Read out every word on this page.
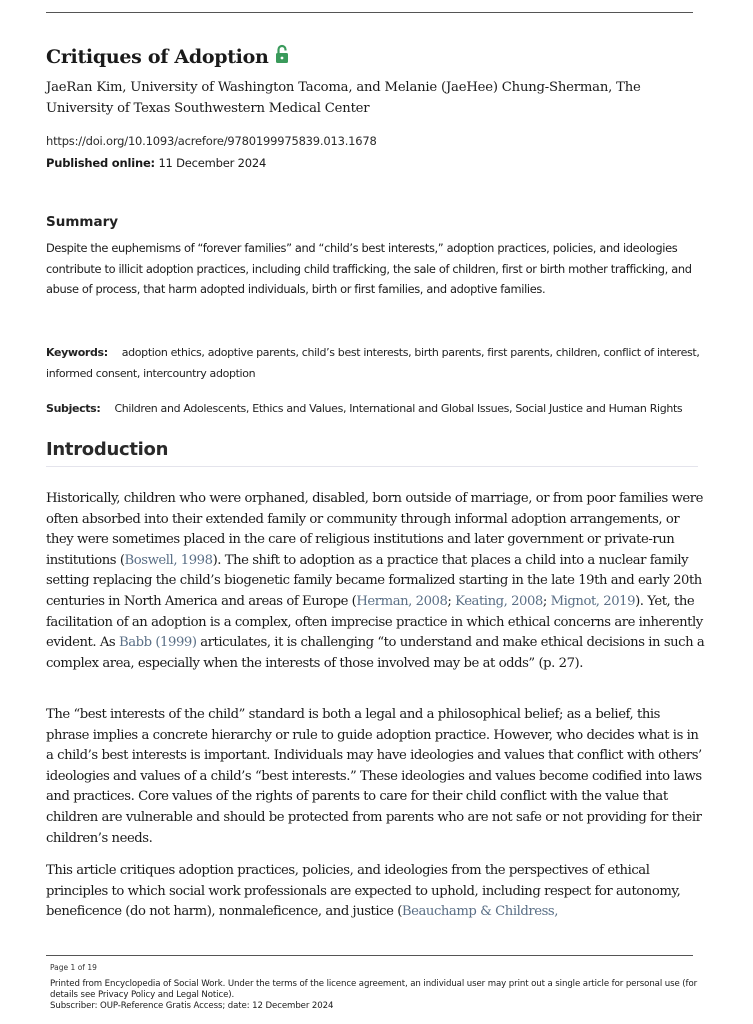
Critiques of Adoption
JaeRan Kim, University of Washington Tacoma, and Melanie (JaeHee) Chung-Sherman, The University of Texas Southwestern Medical Center
https://doi.org/10.1093/acrefore/9780199975839.013.1678
Published online: 11 December 2024
Summary
Despite the euphemisms of “forever families” and “child’s best interests,” adoption practices, policies, and ideologies contribute to illicit adoption practices, including child trafficking, the sale of children, first or birth mother trafficking, and abuse of process, that harm adopted individuals, birth or first families, and adoptive families.
Keywords: adoption ethics, adoptive parents, child’s best interests, birth parents, first parents, children, conflict of interest, informed consent, intercountry adoption
Subjects: Children and Adolescents, Ethics and Values, International and Global Issues, Social Justice and Human Rights
Introduction
Historically, children who were orphaned, disabled, born outside of marriage, or from poor families were often absorbed into their extended family or community through informal adoption arrangements, or they were sometimes placed in the care of religious institutions and later government or private-run institutions (Boswell, 1998). The shift to adoption as a practice that places a child into a nuclear family setting replacing the child’s biogenetic family became formalized starting in the late 19th and early 20th centuries in North America and areas of Europe (Herman, 2008; Keating, 2008; Mignot, 2019). Yet, the facilitation of an adoption is a complex, often imprecise practice in which ethical concerns are inherently evident. As Babb (1999) articulates, it is challenging “to understand and make ethical decisions in such a complex area, especially when the interests of those involved may be at odds” (p. 27).
The “best interests of the child” standard is both a legal and a philosophical belief; as a belief, this phrase implies a concrete hierarchy or rule to guide adoption practice. However, who decides what is in a child’s best interests is important. Individuals may have ideologies and values that conflict with others’ ideologies and values of a child’s “best interests.” These ideologies and values become codified into laws and practices. Core values of the rights of parents to care for their child conflict with the value that children are vulnerable and should be protected from parents who are not safe or not providing for their children’s needs.
This article critiques adoption practices, policies, and ideologies from the perspectives of ethical principles to which social work professionals are expected to uphold, including respect for autonomy, beneficence (do not harm), nonmaleficence, and justice (Beauchamp & Childress,
Page 1 of 19
Printed from Encyclopedia of Social Work. Under the terms of the licence agreement, an individual user may print out a single article for personal use (for details see Privacy Policy and Legal Notice).
Subscriber: OUP-Reference Gratis Access; date: 12 December 2024
